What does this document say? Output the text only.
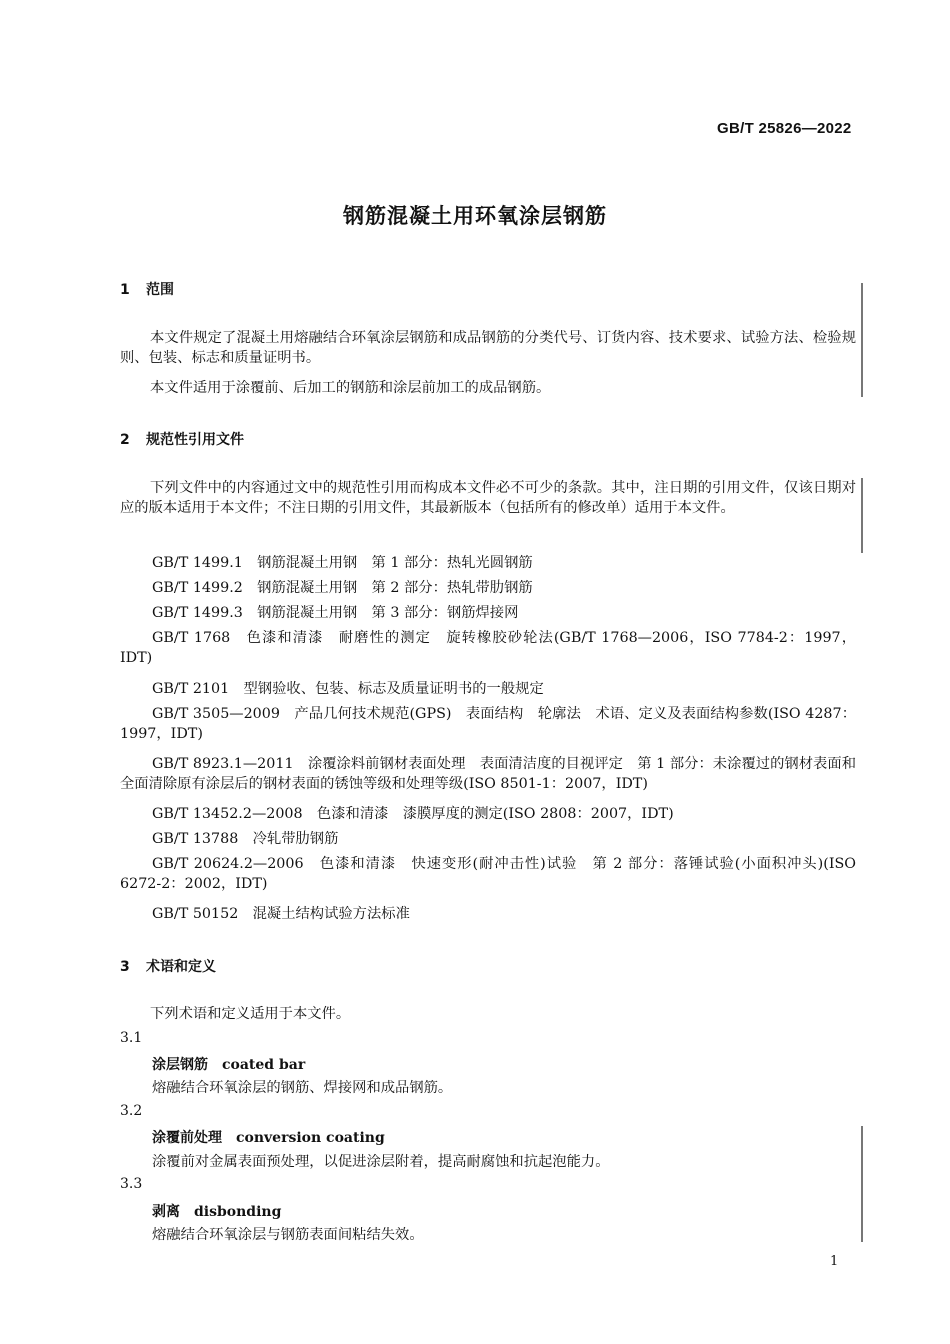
GB/T 25826—2022
钢筋混凝土用环氧涂层钢筋
1 范围
本文件规定了混凝土用熔融结合环氧涂层钢筋和成品钢筋的分类代号、订货内容、技术要求、试验方法、检验规则、包装、标志和质量证明书。
本文件适用于涂覆前、后加工的钢筋和涂层前加工的成品钢筋。
2 规范性引用文件
下列文件中的内容通过文中的规范性引用而构成本文件必不可少的条款。其中，注日期的引用文件，仅该日期对应的版本适用于本文件；不注日期的引用文件，其最新版本（包括所有的修改单）适用于本文件。
GB/T 1499.1　钢筋混凝土用钢　第 1 部分：热轧光圆钢筋
GB/T 1499.2　钢筋混凝土用钢　第 2 部分：热轧带肋钢筋
GB/T 1499.3　钢筋混凝土用钢　第 3 部分：钢筋焊接网
GB/T 1768　色漆和清漆　耐磨性的测定　旋转橡胶砂轮法(GB/T 1768—2006，ISO 7784-2：1997，IDT)
GB/T 2101　型钢验收、包装、标志及质量证明书的一般规定
GB/T 3505—2009　产品几何技术规范(GPS)　表面结构　轮廓法　术语、定义及表面结构参数(ISO 4287：1997，IDT)
GB/T 8923.1—2011　涂覆涂料前钢材表面处理　表面清洁度的目视评定　第 1 部分：未涂覆过的钢材表面和全面清除原有涂层后的钢材表面的锈蚀等级和处理等级(ISO 8501-1：2007，IDT)
GB/T 13452.2—2008　色漆和清漆　漆膜厚度的测定(ISO 2808：2007，IDT)
GB/T 13788　冷轧带肋钢筋
GB/T 20624.2—2006　色漆和清漆　快速变形(耐冲击性)试验　第 2 部分：落锤试验(小面积冲头)(ISO 6272-2：2002，IDT)
GB/T 50152　混凝土结构试验方法标准
3 术语和定义
下列术语和定义适用于本文件。
3.1
涂层钢筋 coated bar
熔融结合环氧涂层的钢筋、焊接网和成品钢筋。
3.2
涂覆前处理 conversion coating
涂覆前对金属表面预处理，以促进涂层附着，提高耐腐蚀和抗起泡能力。
3.3
剥离 disbonding
熔融结合环氧涂层与钢筋表面间粘结失效。
1
